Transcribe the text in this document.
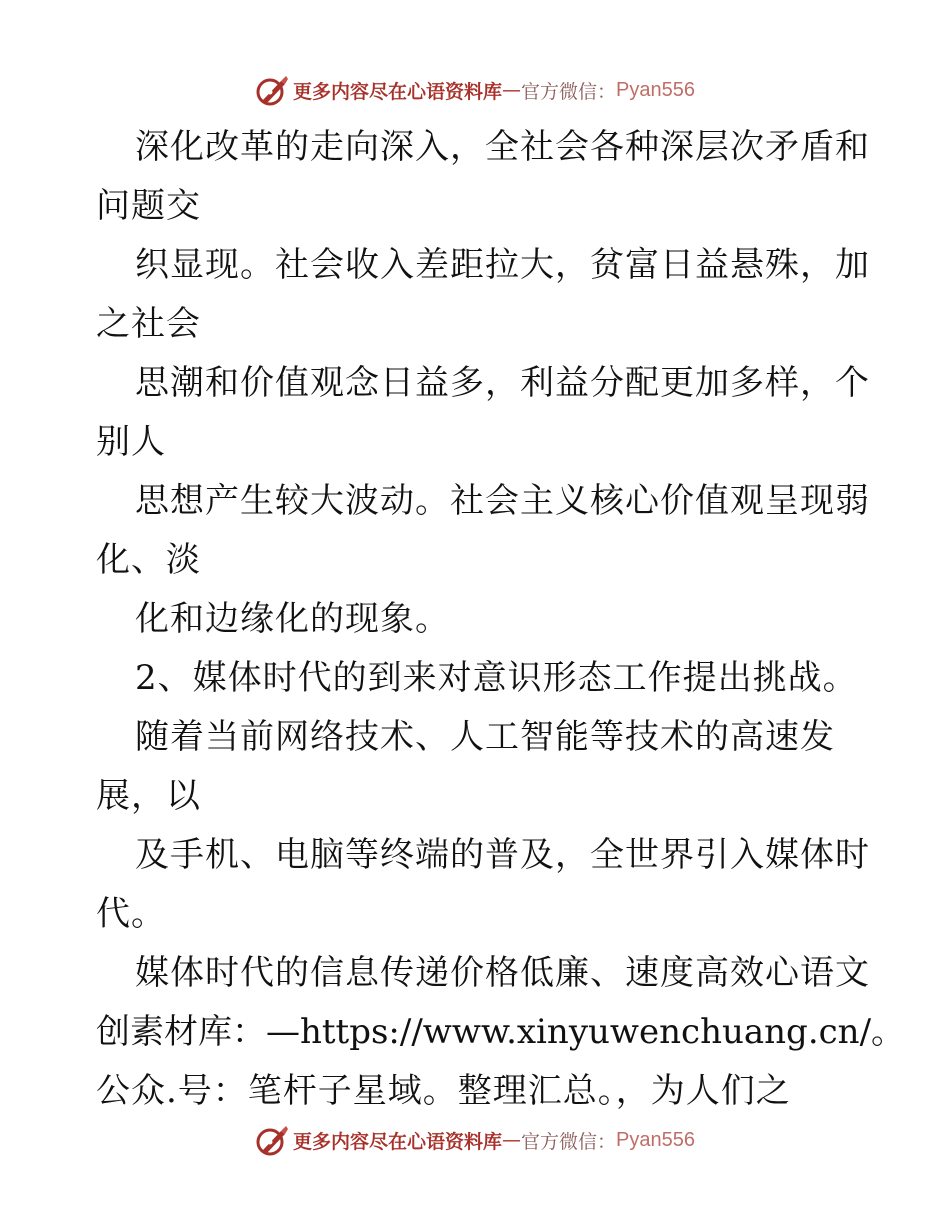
更多内容尽在心语资料库 — 官方微信： Pyan556
深化改革的走向深入，全社会各种深层次矛盾和
问题交
织显现。社会收入差距拉大，贫富日益悬殊，加
之社会
思潮和价值观念日益多，利益分配更加多样，个
别人
思想产生较大波动。社会主义核心价值观呈现弱
化、淡
化和边缘化的现象。
2、媒体时代的到来对意识形态工作提出挑战。
随着当前网络技术、人工智能等技术的高速发
展，以
及手机、电脑等终端的普及，全世界引入媒体时
代。
媒体时代的信息传递价格低廉、速度高效心语文
创素材库：—https://www.xinyuwenchuang.cn/。
公众.号：笔杆子星域。整理汇总。，为人们之
更多内容尽在心语资料库 — 官方微信： Pyan556
